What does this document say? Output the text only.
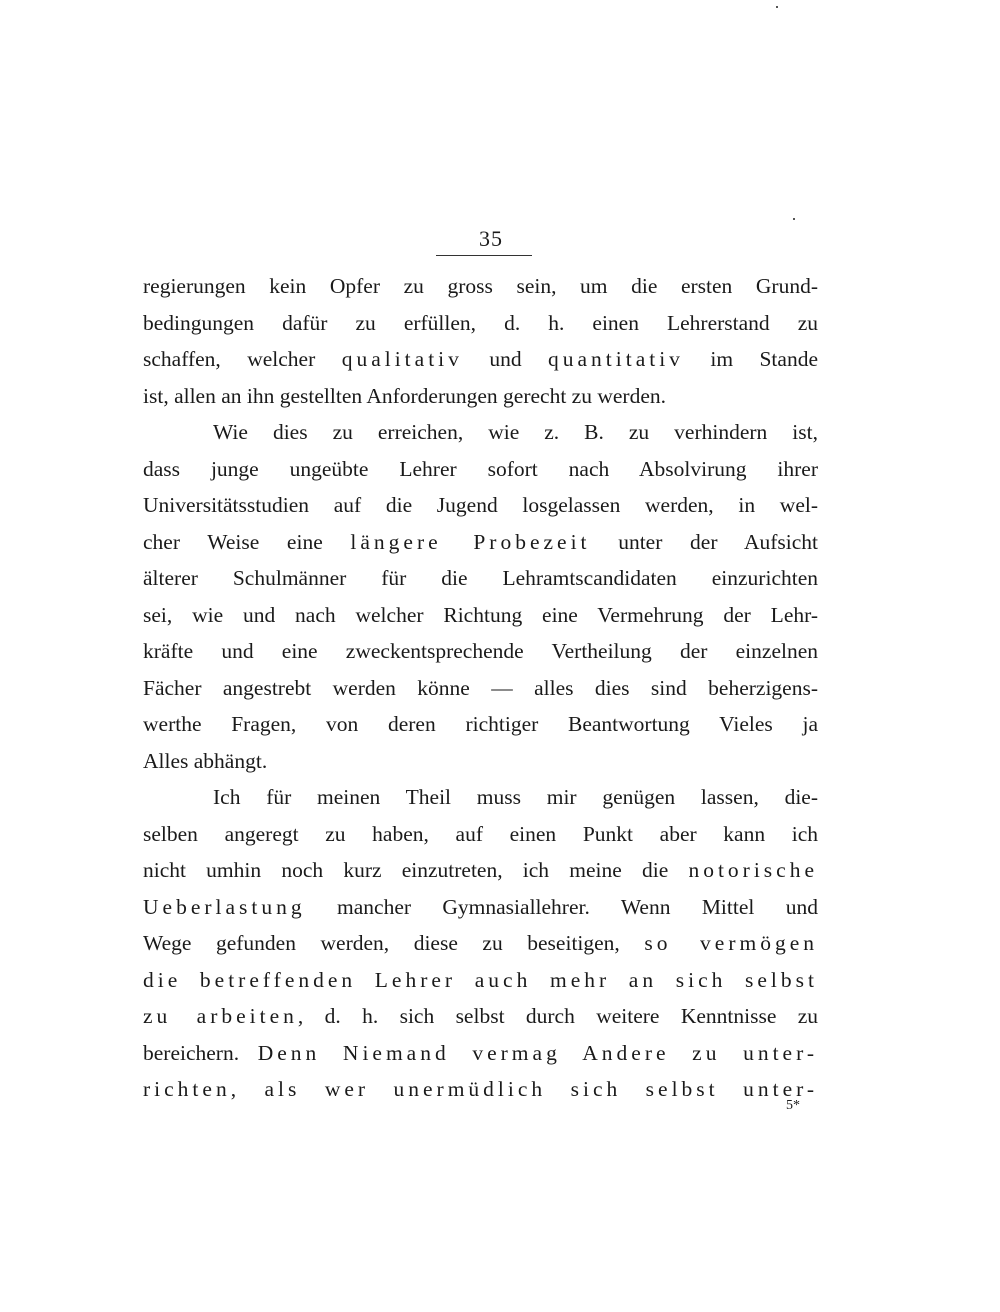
35
regierungen kein Opfer zu gross sein, um die ersten Grund-
bedingungen dafür zu erfüllen, d. h. einen Lehrerstand zu
schaffen, welcher qualitativ und quantitativ im Stande
ist, allen an ihn gestellten Anforderungen gerecht zu werden.
Wie dies zu erreichen, wie z. B. zu verhindern ist,
dass junge ungeübte Lehrer sofort nach Absolvirung ihrer
Universitätsstudien auf die Jugend losgelassen werden, in wel-
cher Weise eine längere Probezeit unter der Aufsicht
älterer Schulmänner für die Lehramtscandidaten einzurichten
sei, wie und nach welcher Richtung eine Vermehrung der Lehr-
kräfte und eine zweckentsprechende Vertheilung der einzelnen
Fächer angestrebt werden könne — alles dies sind beherzigens-
werthe Fragen, von deren richtiger Beantwortung Vieles ja
Alles abhängt.
Ich für meinen Theil muss mir genügen lassen, die-
selben angeregt zu haben, auf einen Punkt aber kann ich
nicht umhin noch kurz einzutreten, ich meine die notorische
Ueberlastung mancher Gymnasiallehrer. Wenn Mittel und
Wege gefunden werden, diese zu beseitigen, so vermögen
die betreffenden Lehrer auch mehr an sich selbst
zu arbeiten, d. h. sich selbst durch weitere Kenntnisse zu
bereichern. Denn Niemand vermag Andere zu unter-
richten, als wer unermüdlich sich selbst unter-
5*
